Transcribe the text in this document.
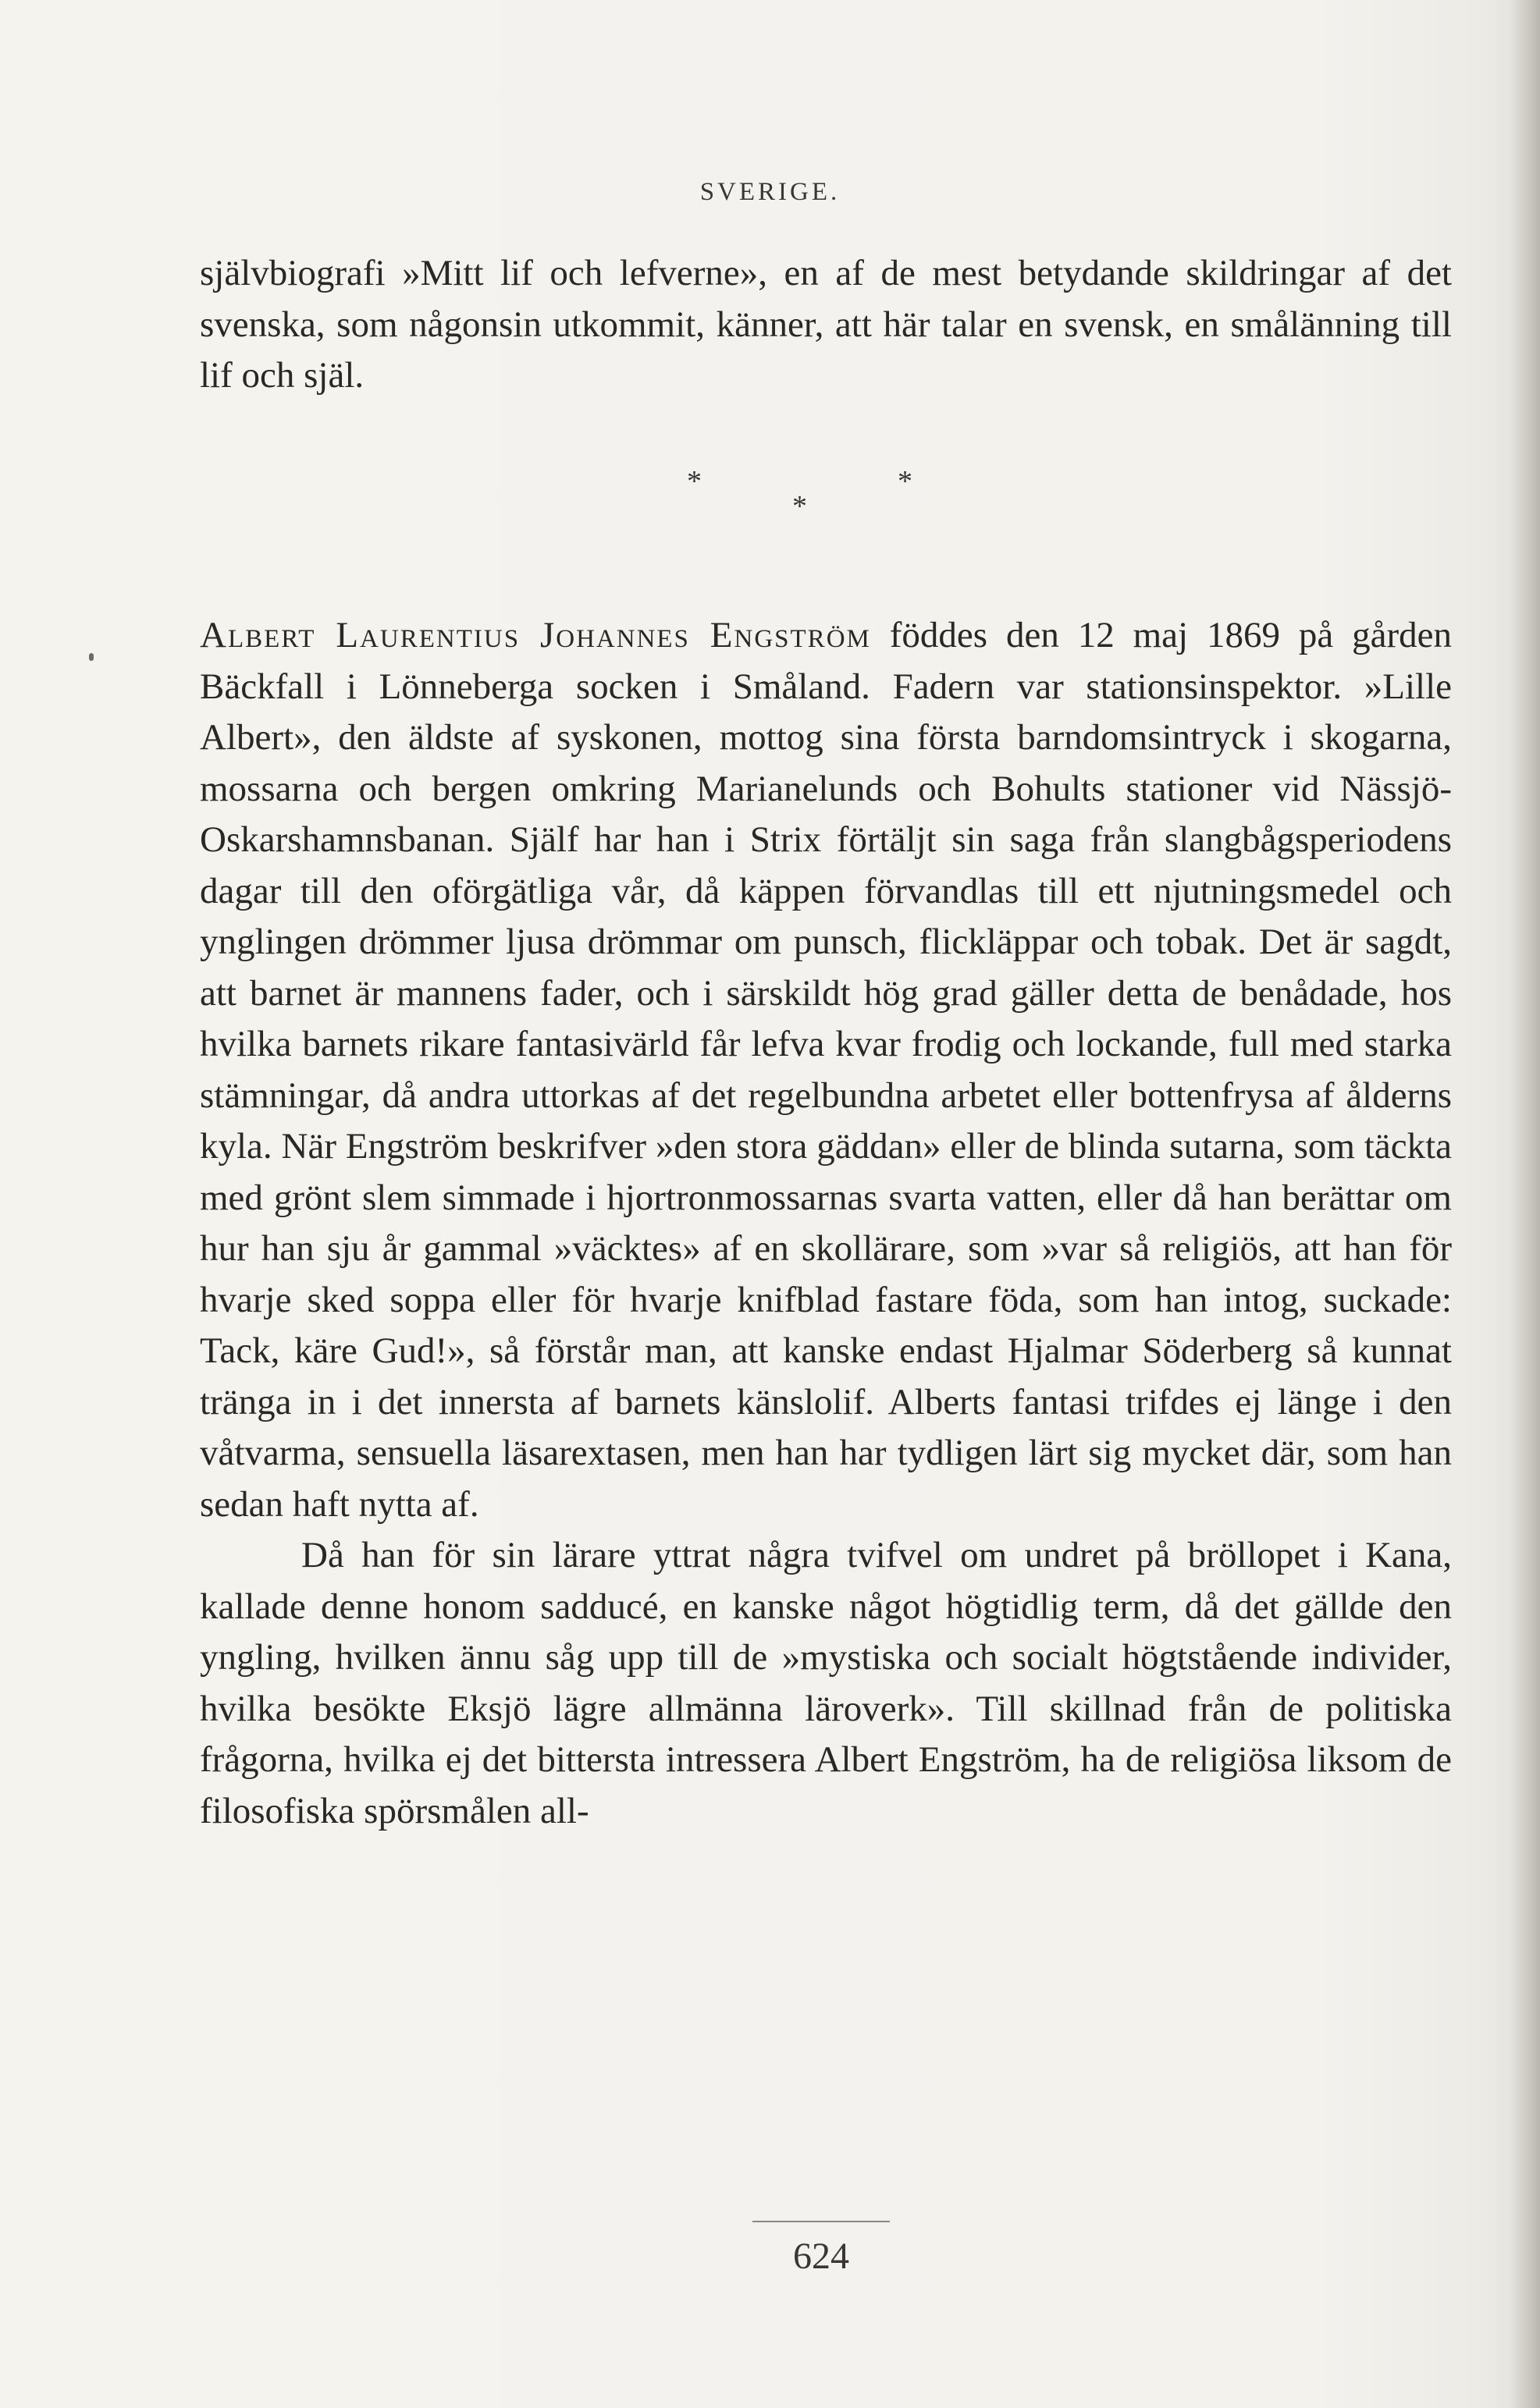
SVERIGE.

självbiografi »Mitt lif och lefverne», en af de mest betydande skildringar af det svenska, som någonsin utkommit, känner, att här talar en svensk, en smålänning till lif och själ.

*	*
*

Albert Laurentius Johannes Engström föddes den 12 maj 1869 på gården Bäckfall i Lönneberga socken i Småland. Fadern var stationsinspektor. »Lille Albert», den äldste af syskonen, mottog sina första barndomsintryck i skogarna, mossarna och bergen omkring Marianelunds och Bohults stationer vid Nässjö-Oskarshamnsbanan. Själf har han i Strix förtäljt sin saga från slangbågsperiodens dagar till den oförgätliga vår, då käppen förvandlas till ett njutningsmedel och ynglingen drömmer ljusa drömmar om punsch, flickläppar och tobak. Det är sagdt, att barnet är mannens fader, och i särskildt hög grad gäller detta de benådade, hos hvilka barnets rikare fantasivärld får lefva kvar frodig och lockande, full med starka stämningar, då andra uttorkas af det regelbundna arbetet eller bottenfrysa af ålderns kyla. När Engström beskrifver »den stora gäddan» eller de blinda sutarna, som täckta med grönt slem simmade i hjortronmossarnas svarta vatten, eller då han berättar om hur han sju år gammal »väcktes» af en skollärare, som »var så religiös, att han för hvarje sked soppa eller för hvarje knifblad fastare föda, som han intog, suckade: Tack, käre Gud!», så förstår man, att kanske endast Hjalmar Söderberg så kunnat tränga in i det innersta af barnets känslolif. Alberts fantasi trifdes ej länge i den våtvarma, sensuella läsarextasen, men han har tydligen lärt sig mycket där, som han sedan haft nytta af.

Då han för sin lärare yttrat några tvifvel om undret på bröllopet i Kana, kallade denne honom sadducé, en kanske något högtidlig term, då det gällde den yngling, hvilken ännu såg upp till de »mystiska och socialt högtstående individer, hvilka besökte Eksjö lägre allmänna läroverk». Till skillnad från de politiska frågorna, hvilka ej det bittersta intressera Albert Engström, ha de religiösa liksom de filosofiska spörsmålen all-

624
